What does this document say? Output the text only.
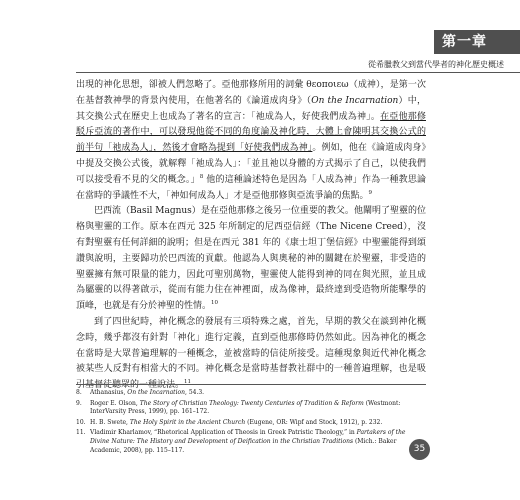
第一章
從希臘教父到當代學者的神化歷史概述

出現的神化思想，卻被人們忽略了。亞他那修所用的詞彙 θεοποιεω（成神），是第一次在基督教神學的背景內使用，在他著名的《論道成肉身》（On the Incarnation）中，其交換公式在歷史上也成為了著名的宣言：「祂成為人，好使我們成為神」。在亞他那修駁斥亞流的著作中，可以發現他從不同的角度論及神化時，大體上會陳明其交換公式的前半句「祂成為人」，然後才會略為提到「好使我們成為神」。例如，他在《論道成肉身》中提及交換公式後，就解釋「祂成為人」：「並且祂以身體的方式揭示了自己，以使我們可以接受看不見的父的概念。」$^8$ 他的這種論述特色是因為「人成為神」作為一種教思論在當時的爭議性不大，「神如何成為人」才是亞他那修與亞流爭論的焦點。$^9$

巴西流（Basil Magnus）是在亞他那修之後另一位重要的教父。他闡明了聖靈的位格與聖靈的工作。原本在西元 325 年所制定的尼西亞信經（The Nicene Creed），沒有對聖靈有任何詳細的說明；但是在西元 381 年的《康士坦丁堡信經》中聖靈能得到頌讚與說明，主要歸功於巴西流的貢獻。他認為人與奧秘的神的關鍵在於聖靈，非受造的聖靈擁有無可限量的能力，因此可聖別萬物，聖靈使人能得到神的同在與光照，並且成為屬靈的以得著啟示，從而有能力住在神裡面，成為像神，最終達到受造物所能擊學的頂峰，也就是有分於神聖的性情。$^{10}$

到了四世紀時，神化概念的發展有三項特殊之處，首先，早期的教父在談到神化概念時，幾乎都沒有針對「神化」進行定義，直到亞他那修時仍然如此。因為神化的概念在當時是大眾普遍理解的一種概念，並被當時的信徒所接受。這種現象與近代神化概念被某些人反對有相當大的不同。神化概念是當時基督教社群中的一種普遍理解，也是吸引基督徒聽眾的一種說法。$^{11}$

8. Athanasius, On the Incarnation, 54.3.
9. Roger E. Olson, The Story of Christian Theology: Twenty Centuries of Tradition & Reform (Westmont: InterVarsity Press, 1999), pp. 161–172.
10. H. B. Swete, The Holy Spirit in the Ancient Church (Eugene, OR: Wipf and Stock, 1912), p. 232.
11. Vladimir Kharlamov, “Rhetorical Application of Theosis in Greek Patristic Theology,” in Partakers of the Divine Nature: The History and Development of Deification in the Christian Traditions (Mich.: Baker Academic, 2008), pp. 115–117.	35
